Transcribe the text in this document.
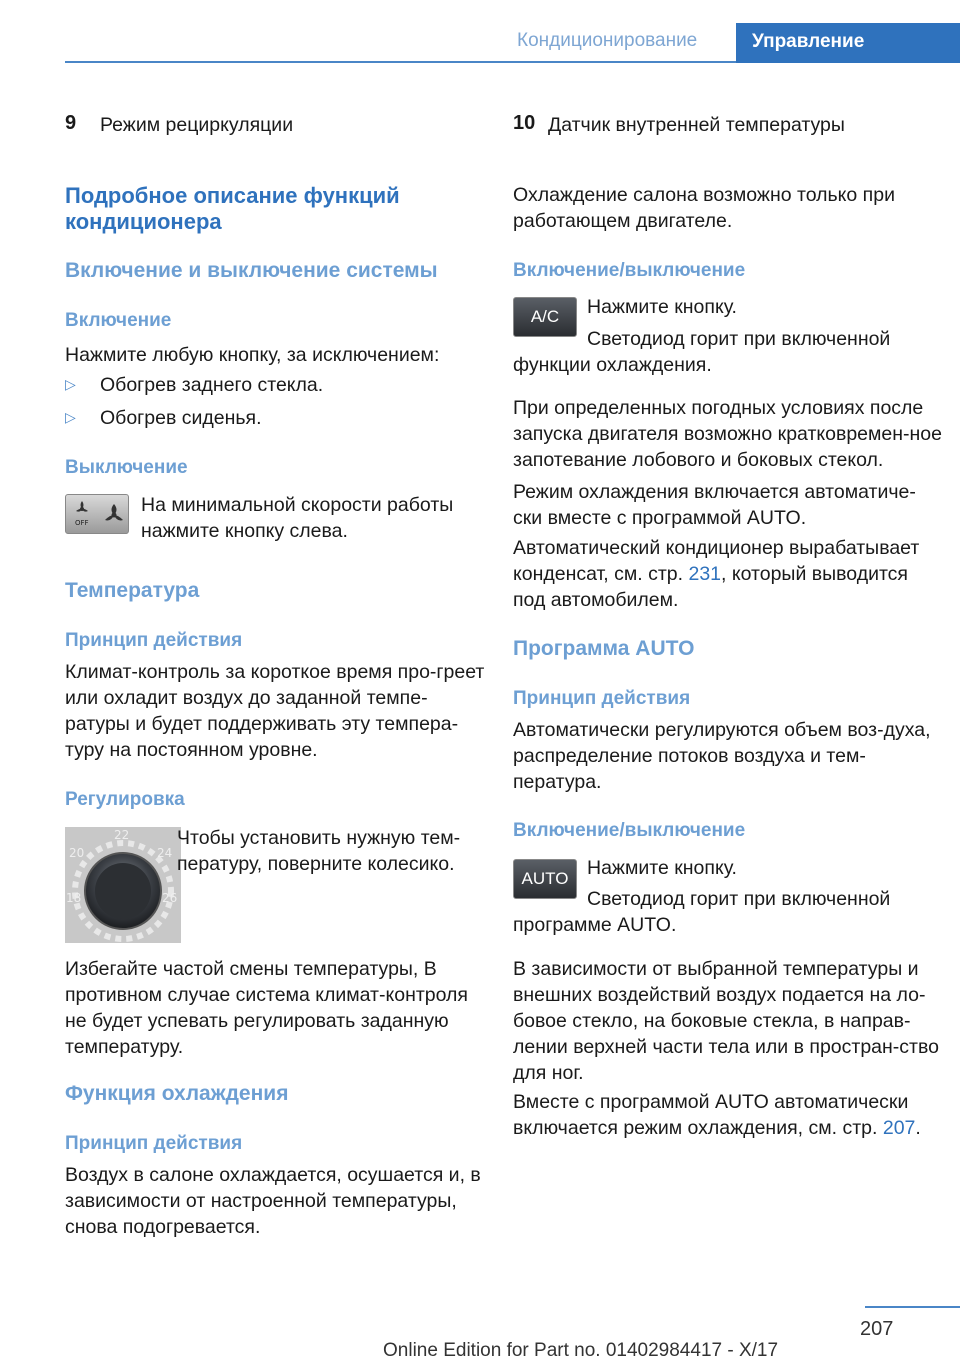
Кондиционирование	Управление
9 Режим рециркуляции
Подробное описание функций кондиционера
Включение и выключение системы
Включение
Нажмите любую кнопку, за исключением:
▷ Обогрев заднего стекла.
▷ Обогрев сиденья.
Выключение
OFF
На минимальной скорости работы нажмите кнопку слева.
Температура
Принцип действия
Климат-контроль за короткое время про-греет или охладит воздух до заданной темпе-ратуры и будет поддерживать эту темпера-туру на постоянном уровне.
Регулировка
22
20	24
18	26
Чтобы установить нужную тем-пературу, поверните колесико.
Избегайте частой смены температуры, В противном случае система климат-контроля не будет успевать регулировать заданную температуру.
Функция охлаждения
Принцип действия
Воздух в салоне охлаждается, осушается и, в зависимости от настроенной температуры, снова подогревается.
10 Датчик внутренней температуры
Охлаждение салона возможно только при работающем двигателе.
Включение/выключение
A/C	Нажмите кнопку.
Светодиод горит при включенной функции охлаждения.
При определенных погодных условиях после запуска двигателя возможно кратковремен-ное запотевание лобового и боковых стекол.
Режим охлаждения включается автоматиче-ски вместе с программой AUTO.
Автоматический кондиционер вырабатывает конденсат, см. стр. 231, который выводится под автомобилем.
Программа AUTO
Принцип действия
Автоматически регулируются объем воз-духа, распределение потоков воздуха и тем-пература.
Включение/выключение
AUTO Нажмите кнопку.
Светодиод горит при включенной программе AUTO.
В зависимости от выбранной температуры и внешних воздействий воздух подается на ло-бовое стекло, на боковые стекла, в направ-лении верхней части тела или в простран-ство для ног.
Вместе с программой AUTO автоматически включается режим охлаждения, см. стр. 207.
207
Online Edition for Part no. 01402984417 - X/17
